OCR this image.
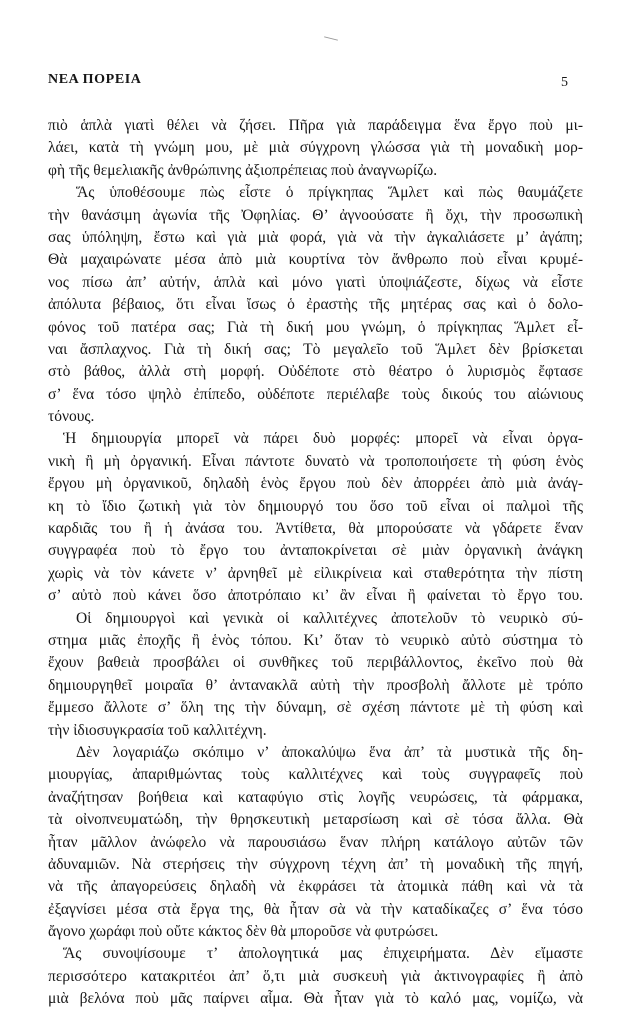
ΝΕΑ ΠΟΡΕΙΑ	5
πιὸ ἁπλὰ γιατὶ θέλει νὰ ζήσει. Πῆρα γιὰ παράδειγμα ἕνα ἔργο ποὺ μι-
λάει, κατὰ τὴ γνώμη μου, μὲ μιὰ σύγχρονη γλώσσα γιὰ τὴ μοναδικὴ μορ-
φὴ τῆς θεμελιακῆς ἀνθρώπινης ἀξιοπρέπειας ποὺ ἀναγνωρίζω.
Ἅς ὑποθέσουμε πὼς εἶστε ὁ πρίγκηπας Ἅμλετ καὶ πὼς θαυμάζετε
τὴν θανάσιμη ἀγωνία τῆς Ὀφηλίας. Θ’ ἀγνοούσατε ἢ ὄχι, τὴν προσωπικὴ
σας ὑπόληψη, ἔστω καὶ γιὰ μιὰ φορά, γιὰ νὰ τὴν ἀγκαλιάσετε μ’ ἀγάπη;
Θὰ μαχαιρώνατε μέσα ἀπὸ μιὰ κουρτίνα τὸν ἄνθρωπο ποὺ εἶναι κρυμέ-
νος πίσω ἀπ’ αὐτήν, ἁπλὰ καὶ μόνο γιατὶ ὑποψιάζεστε, δίχως νὰ εἶστε
ἀπόλυτα βέβαιος, ὅτι εἶναι ἴσως ὁ ἐραστὴς τῆς μητέρας σας καὶ ὁ δολο-
φόνος τοῦ πατέρα σας; Γιὰ τὴ δική μου γνώμη, ὁ πρίγκηπας Ἅμλετ εἶ-
ναι ἄσπλαχνος. Γιὰ τὴ δική σας; Τὸ μεγαλεῖο τοῦ Ἅμλετ δὲν βρίσκεται
στὸ βάθος, ἀλλὰ στὴ μορφή. Οὐδέποτε στὸ θέατρο ὁ λυρισμὸς ἔφτασε
σ’ ἕνα τόσο ψηλὸ ἐπίπεδο, οὐδέποτε περιέλαβε τοὺς δικούς του αἰώνιους
τόνους.
Ἡ δημιουργία μπορεῖ νὰ πάρει δυὸ μορφές: μπορεῖ νὰ εἶναι ὀργα-
νικὴ ἢ μὴ ὀργανική. Εἶναι πάντοτε δυνατὸ νὰ τροποποιήσετε τὴ φύση ἑνὸς
ἔργου μὴ ὀργανικοῦ, δηλαδὴ ἑνὸς ἔργου ποὺ δὲν ἀπορρέει ἀπὸ μιὰ ἀνάγ-
κη τὸ ἴδιο ζωτικὴ γιὰ τὸν δημιουργό του ὅσο τοῦ εἶναι οἱ παλμοὶ τῆς
καρδιᾶς του ἢ ἡ ἀνάσα του. Ἀντίθετα, θὰ μπορούσατε νὰ γδάρετε ἕναν
συγγραφέα ποὺ τὸ ἔργο του ἀνταποκρίνεται σὲ μιὰν ὀργανικὴ ἀνάγκη
χωρὶς νὰ τὸν κάνετε ν’ ἀρνηθεῖ μὲ εἰλικρίνεια καὶ σταθερότητα τὴν πίστη
σ’ αὐτὸ ποὺ κάνει ὅσο ἀποτρόπαιο κι’ ἂν εἶναι ἢ φαίνεται τὸ ἔργο του.
Οἱ δημιουργοὶ καὶ γενικὰ οἱ καλλιτέχνες ἀποτελοῦν τὸ νευρικὸ σύ-
στημα μιᾶς ἐποχῆς ἢ ἑνὸς τόπου. Κι’ ὅταν τὸ νευρικὸ αὐτὸ σύστημα τὸ
ἔχουν βαθειὰ προσβάλει οἱ συνθῆκες τοῦ περιβάλλοντος, ἐκεῖνο ποὺ θὰ
δημιουργηθεῖ μοιραῖα θ’ ἀντανακλᾶ αὐτὴ τὴν προσβολὴ ἄλλοτε μὲ τρόπο
ἔμμεσο ἄλλοτε σ’ ὅλη της τὴν δύναμη, σὲ σχέση πάντοτε μὲ τὴ φύση καὶ
τὴν ἰδιοσυγκρασία τοῦ καλλιτέχνη.
Δὲν λογαριάζω σκόπιμο ν’ ἀποκαλύψω ἕνα ἀπ’ τὰ μυστικὰ τῆς δη-
μιουργίας, ἀπαριθμώντας τοὺς καλλιτέχνες καὶ τοὺς συγγραφεῖς ποὺ
ἀναζήτησαν βοήθεια καὶ καταφύγιο στὶς λογῆς νευρώσεις, τὰ φάρμακα,
τὰ οἰνοπνευματώδη, τὴν θρησκευτικὴ μεταρσίωση καὶ σὲ τόσα ἄλλα. Θὰ
ἦταν μᾶλλον ἀνώφελο νὰ παρουσιάσω ἕναν πλήρη κατάλογο αὐτῶν τῶν
ἀδυναμιῶν. Νὰ στερήσεις τὴν σύγχρονη τέχνη ἀπ’ τὴ μοναδικὴ τῆς πηγή,
νὰ τῆς ἀπαγορεύσεις δηλαδὴ νὰ ἐκφράσει τὰ ἀτομικὰ πάθη καὶ νὰ τὰ
ἐξαγνίσει μέσα στὰ ἔργα της, θὰ ἦταν σὰ νὰ τὴν καταδίκαζες σ’ ἕνα τόσο
ἄγονο χωράφι ποὺ οὔτε κάκτος δὲν θὰ μποροῦσε νὰ φυτρώσει.
Ἅς συνοψίσουμε τ’ ἀπολογητικά μας ἐπιχειρήματα. Δὲν εἴμαστε
περισσότερο κατακριτέοι ἀπ’ ὅ,τι μιὰ συσκευὴ γιὰ ἀκτινογραφίες ἢ ἀπὸ
μιὰ βελόνα ποὺ μᾶς παίρνει αἷμα. Θὰ ἦταν γιὰ τὸ καλό μας, νομίζω, νὰ
